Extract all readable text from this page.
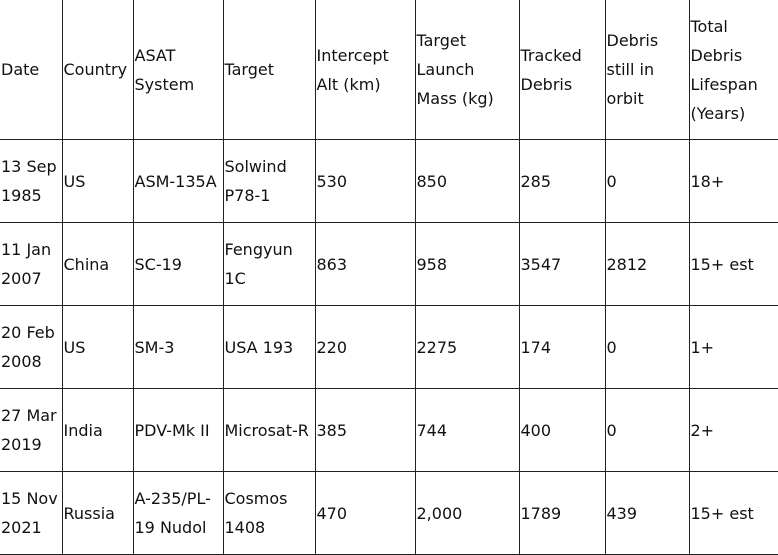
Date	Country	ASAT System	Target	Intercept Alt (km)	Target Launch Mass (kg)	Tracked Debris	Debris still in orbit	Total Debris Lifespan (Years)
13 Sep 1985	US	ASM-135A	Solwind P78-1	530	850	285	0	18+
11 Jan 2007	China	SC-19	Fengyun 1C	863	958	3547	2812	15+ est
20 Feb 2008	US	SM-3	USA 193	220	2275	174	0	1+
27 Mar 2019	India	PDV-Mk II	Microsat-R	385	744	400	0	2+
15 Nov 2021	Russia	A-235/PL-19 Nudol	Cosmos 1408	470	2,000	1789	439	15+ est
